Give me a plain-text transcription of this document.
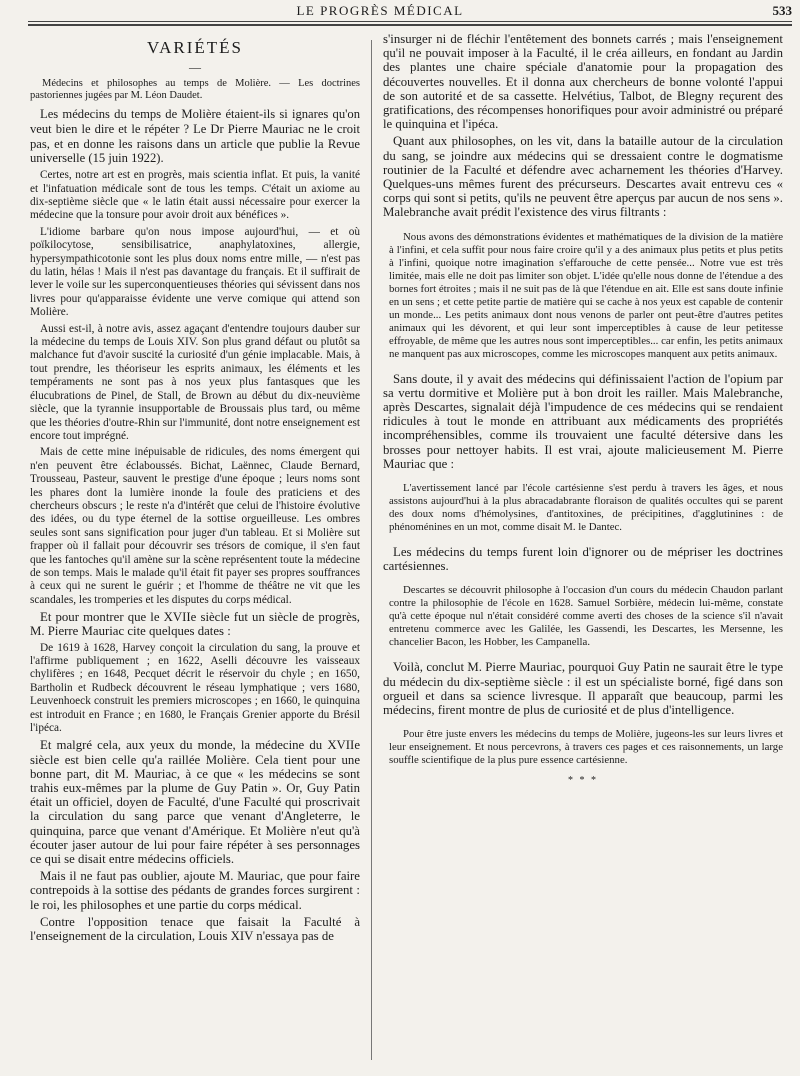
LE PROGRÈS MÉDICAL	533
VARIÉTÉS
—

Médecins et philosophes au temps de Molière. — Les doctrines pastoriennes jugées par M. Léon Daudet.

Les médecins du temps de Molière étaient-ils si ignares qu'on veut bien le dire et le répéter ? Le Dr Pierre Mauriac ne le croit pas, et en donne les raisons dans un article que publie la Revue universelle (15 juin 1922).

Certes, notre art est en progrès, mais scientia inflat. Et puis, la vanité et l'infatuation médicale sont de tous les temps. C'était un axiome au dix-septième siècle que « le latin était aussi nécessaire pour exercer la médecine que la tonsure pour avoir droit aux bénéfices ».

L'idiome barbare qu'on nous impose aujourd'hui, — et où poïkilocytose, sensibilisatrice, anaphylatoxines, allergie, hypersympathicotonie sont les plus doux noms entre mille, — n'est pas du latin, hélas ! Mais il n'est pas davantage du français. Et il suffirait de lever le voile sur les superconquentieuses théories qui sévissent dans nos livres pour qu'apparaisse évidente une verve comique qui attend son Molière.

Aussi est-il, à notre avis, assez agaçant d'entendre toujours dauber sur la médecine du temps de Louis XIV. Son plus grand défaut ou plutôt sa malchance fut d'avoir suscité la curiosité d'un génie implacable. Mais, à tout prendre, les théoriseur les esprits animaux, les éléments et les tempéraments ne sont pas à nos yeux plus fantasques que les élucubrations de Pinel, de Stall, de Brown au début du dix-neuvième siècle, que la tyrannie insupportable de Broussais plus tard, ou même que les théories d'outre-Rhin sur l'immunité, dont notre enseignement est encore tout imprégné.

Mais de cette mine inépuisable de ridicules, des noms émergent qui n'en peuvent être éclaboussés. Bichat, Laënnec, Claude Bernard, Trousseau, Pasteur, sauvent le prestige d'une époque ; leurs noms sont les phares dont la lumière inonde la foule des praticiens et des chercheurs obscurs ; le reste n'a d'intérêt que celui de l'histoire évolutive des idées, ou du type éternel de la sottise orgueilleuse. Les ombres seules sont sans signification pour juger d'un tableau. Et si Molière sut frapper où il fallait pour découvrir ses trésors de comique, il s'en faut que les fantoches qu'il amène sur la scène représentent toute la médecine de son temps. Mais le malade qu'il était fit payer ses propres souffrances à ceux qui ne surent le guérir ; et l'homme de théâtre ne vit que les scandales, les tromperies et les disputes du corps médical.

Et pour montrer que le XVIIe siècle fut un siècle de progrès, M. Pierre Mauriac cite quelques dates :

De 1619 à 1628, Harvey conçoit la circulation du sang, la prouve et l'affirme publiquement ; en 1622, Aselli découvre les vaisseaux chylifères ; en 1648, Pecquet décrit le réservoir du chyle ; en 1650, Bartholin et Rudbeck découvrent le réseau lymphatique ; vers 1680, Leuvenhoeck construit les premiers microscopes ; en 1660, le quinquina est introduit en France ; en 1680, le Français Grenier apporte du Brésil l'ipéca.

Et malgré cela, aux yeux du monde, la médecine du XVIIe siècle est bien celle qu'a raillée Molière. Cela tient pour une bonne part, dit M. Mauriac, à ce que « les médecins se sont trahis eux-mêmes par la plume de Guy Patin ». Or, Guy Patin était un officiel, doyen de Faculté, d'une Faculté qui proscrivait la circulation du sang parce que venant d'Angleterre, le quinquina, parce que venant d'Amérique. Et Molière n'eut qu'à écouter jaser autour de lui pour faire répéter à ses personnages ce qui se disait entre médecins officiels.

Mais il ne faut pas oublier, ajoute M. Mauriac, que pour faire contrepoids à la sottise des pédants de grandes forces surgirent : le roi, les philosophes et une partie du corps médical.

Contre l'opposition tenace que faisait la Faculté à l'enseignement de la circulation, Louis XIV n'essaya pas de

s'insurger ni de fléchir l'entêtement des bonnets carrés ; mais l'enseignement qu'il ne pouvait imposer à la Faculté, il le créa ailleurs, en fondant au Jardin des plantes une chaire spéciale d'anatomie pour la propagation des découvertes nouvelles. Et il donna aux chercheurs de bonne volonté l'appui de son autorité et de sa cassette. Helvétius, Talbot, de Blegny reçurent des gratifications, des récompenses honorifiques pour avoir administré ou préparé le quinquina et l'ipéca.

Quant aux philosophes, on les vit, dans la bataille autour de la circulation du sang, se joindre aux médecins qui se dressaient contre le dogmatisme routinier de la Faculté et défendre avec acharnement les théories d'Harvey. Quelques-uns mêmes furent des précurseurs. Descartes avait entrevu ces « corps qui sont si petits, qu'ils ne peuvent être aperçus par aucun de nos sens ». Malebranche avait prédit l'existence des virus filtrants :

Nous avons des démonstrations évidentes et mathématiques de la division de la matière à l'infini, et cela suffit pour nous faire croire qu'il y a des animaux plus petits et plus petits à l'infini, quoique notre imagination s'effarouche de cette pensée... Notre vue est très limitée, mais elle ne doit pas limiter son objet. L'idée qu'elle nous donne de l'étendue a des bornes fort étroites ; mais il ne suit pas de là que l'étendue en ait. Elle est sans doute infinie en un sens ; et cette petite partie de matière qui se cache à nos yeux est capable de contenir un monde... Les petits animaux dont nous venons de parler ont peut-être d'autres petites animaux qui les dévorent, et qui leur sont imperceptibles à cause de leur petitesse effroyable, de même que les autres nous sont imperceptibles... car enfin, les petits animaux ne manquent pas aux microscopes, comme les microscopes manquent aux petits animaux.

Sans doute, il y avait des médecins qui définissaient l'action de l'opium par sa vertu dormitive et Molière put à bon droit les railler. Mais Malebranche, après Descartes, signalait déjà l'impudence de ces médecins qui se rendaient ridicules à tout le monde en attribuant aux médicaments des propriétés incompréhensibles, comme ils trouvaient une faculté détersive dans les brosses pour nettoyer habits. Il est vrai, ajoute malicieusement M. Pierre Mauriac que :

L'avertissement lancé par l'école cartésienne s'est perdu à travers les âges, et nous assistons aujourd'hui à la plus abracadabrante floraison de qualités occultes qui se parent des doux noms d'hémolysines, d'antitoxines, de précipitines, d'agglutinines : de phénoménines en un mot, comme disait M. le Dantec.

Les médecins du temps furent loin d'ignorer ou de mépriser les doctrines cartésiennes.

Descartes se découvrit philosophe à l'occasion d'un cours du médecin Chaudon parlant contre la philosophie de l'école en 1628. Samuel Sorbière, médecin lui-même, constate qu'à cette époque nul n'était considéré comme averti des choses de la science s'il n'avait entretenu commerce avec les Galilée, les Gassendi, les Descartes, les Mersenne, les chancelier Bacon, les Hobber, les Campanella.

Voilà, conclut M. Pierre Mauriac, pourquoi Guy Patin ne saurait être le type du médecin du dix-septième siècle : il est un spécialiste borné, figé dans son orgueil et dans sa science livresque. Il apparaît que beaucoup, parmi les médecins, firent montre de plus de curiosité et de plus d'intelligence.

Pour être juste envers les médecins du temps de Molière, jugeons-les sur leurs livres et leur enseignement. Et nous percevrons, à travers ces pages et ces raisonnements, un large souffle scientifique de la plus pure essence cartésienne.

* * *
